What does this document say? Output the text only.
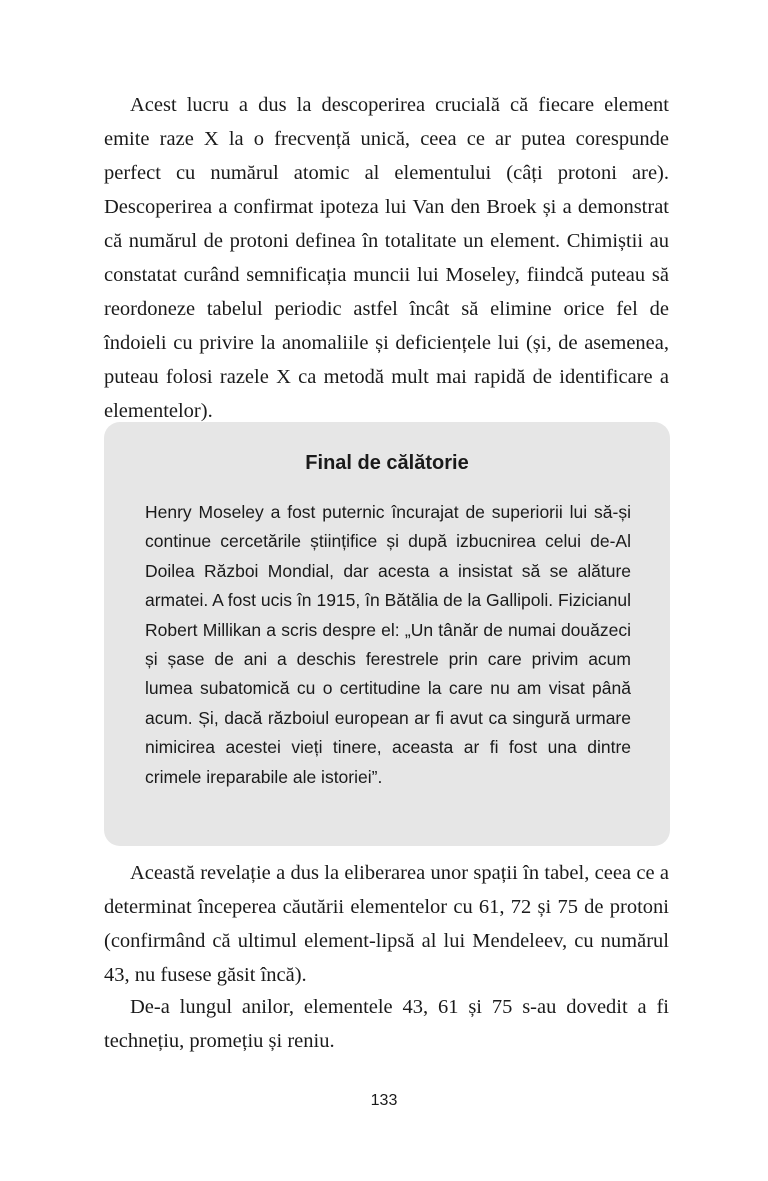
Acest lucru a dus la descoperirea crucială că fiecare element emite raze X la o frecvență unică, ceea ce ar putea corespunde perfect cu numărul atomic al elementului (câți protoni are). Descoperirea a confirmat ipoteza lui Van den Broek și a demonstrat că numărul de protoni definea în totalitate un element. Chimiștii au constatat curând semnificația muncii lui Moseley, fiindcă puteau să reordoneze tabelul periodic astfel încât să elimine orice fel de îndoieli cu privire la anomaliile și deficiențele lui (și, de asemenea, puteau folosi razele X ca metodă mult mai rapidă de identificare a elementelor).

Final de călătorie

Henry Moseley a fost puternic încurajat de superiorii lui să-și continue cercetările științifice și după izbucnirea celui de-Al Doilea Război Mondial, dar acesta a insistat să se alăture armatei. A fost ucis în 1915, în Bătălia de la Gallipoli. Fizicianul Robert Millikan a scris despre el: „Un tânăr de numai douăzeci și șase de ani a deschis ferestrele prin care privim acum lumea subatomică cu o certitudine la care nu am visat până acum. Și, dacă războiul european ar fi avut ca singură urmare nimicirea acestei vieți tinere, aceasta ar fi fost una dintre crimele ireparabile ale istoriei”.

Această revelație a dus la eliberarea unor spații în tabel, ceea ce a determinat începerea căutării elementelor cu 61, 72 și 75 de protoni (confirmând că ultimul element-lipsă al lui Mendeleev, cu numărul 43, nu fusese găsit încă).

De-a lungul anilor, elementele 43, 61 și 75 s-au dovedit a fi technețiu, promețiu și reniu.

133
